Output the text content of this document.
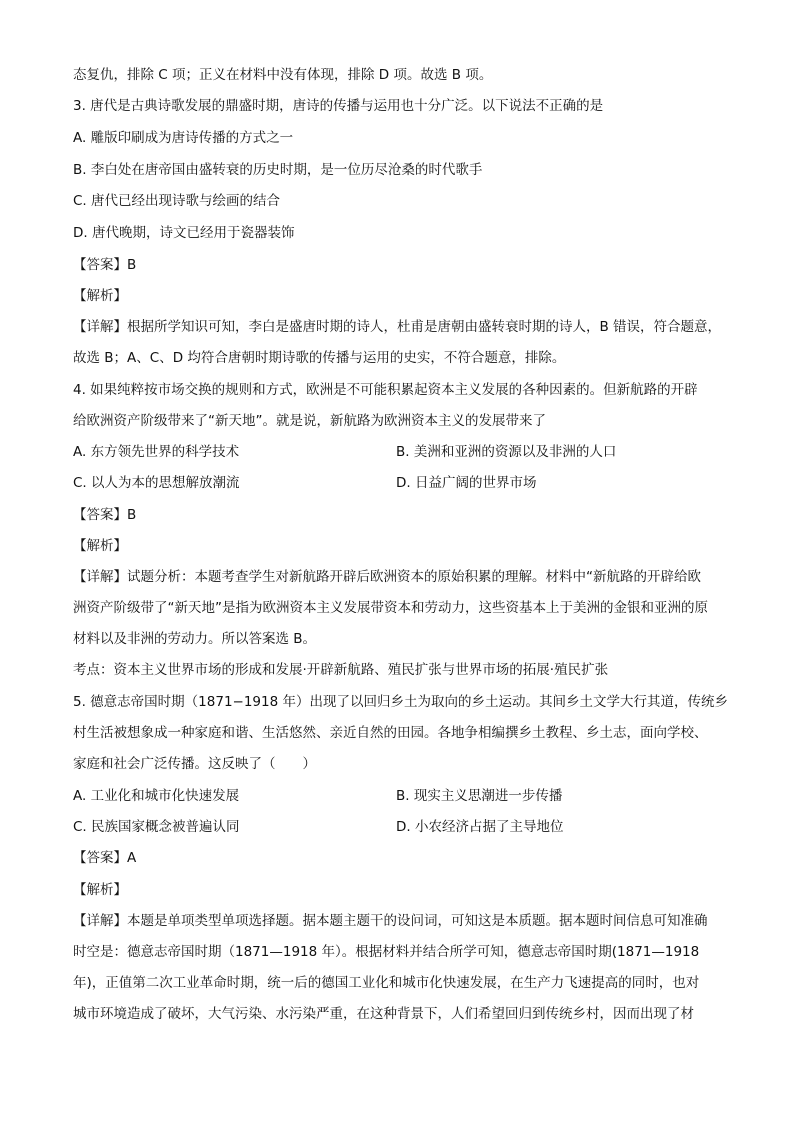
态复仇，排除 C 项；正义在材料中没有体现，排除 D 项。故选 B 项。
3. 唐代是古典诗歌发展的鼎盛时期，唐诗的传播与运用也十分广泛。以下说法不正确的是
A. 雕版印刷成为唐诗传播的方式之一
B. 李白处在唐帝国由盛转衰的历史时期，是一位历尽沧桑的时代歌手
C. 唐代已经出现诗歌与绘画的结合
D. 唐代晚期，诗文已经用于瓷器装饰
【答案】B
【解析】
【详解】根据所学知识可知，李白是盛唐时期的诗人，杜甫是唐朝由盛转衰时期的诗人，B 错误，符合题意，
故选 B；A、C、D 均符合唐朝时期诗歌的传播与运用的史实，不符合题意，排除。
4. 如果纯粹按市场交换的规则和方式，欧洲是不可能积累起资本主义发展的各种因素的。但新航路的开辟
给欧洲资产阶级带来了“新天地”。就是说，新航路为欧洲资本主义的发展带来了
A. 东方领先世界的科学技术	B. 美洲和亚洲的资源以及非洲的人口
C. 以人为本的思想解放潮流	D. 日益广阔的世界市场
【答案】B
【解析】
【详解】试题分析：本题考查学生对新航路开辟后欧洲资本的原始积累的理解。材料中“新航路的开辟给欧
洲资产阶级带了“新天地”是指为欧洲资本主义发展带资本和劳动力，这些资基本上于美洲的金银和亚洲的原
材料以及非洲的劳动力。所以答案选 B。
考点：资本主义世界市场的形成和发展·开辟新航路、殖民扩张与世界市场的拓展·殖民扩张
5. 德意志帝国时期（1871−1918 年）出现了以回归乡土为取向的乡土运动。其间乡土文学大行其道，传统乡
村生活被想象成一种家庭和谐、生活悠然、亲近自然的田园。各地争相编撰乡土教程、乡土志，面向学校、
家庭和社会广泛传播。这反映了（　　）
A. 工业化和城市化快速发展	B. 现实主义思潮进一步传播
C. 民族国家概念被普遍认同	D. 小农经济占据了主导地位
【答案】A
【解析】
【详解】本题是单项类型单项选择题。据本题主题干的设问词，可知这是本质题。据本题时间信息可知准确
时空是：德意志帝国时期（1871—1918 年）。根据材料并结合所学可知，德意志帝国时期(1871—1918
年)，正值第二次工业革命时期，统一后的德国工业化和城市化快速发展，在生产力飞速提高的同时，也对
城市环境造成了破坏，大气污染、水污染严重，在这种背景下，人们希望回归到传统乡村，因而出现了材
